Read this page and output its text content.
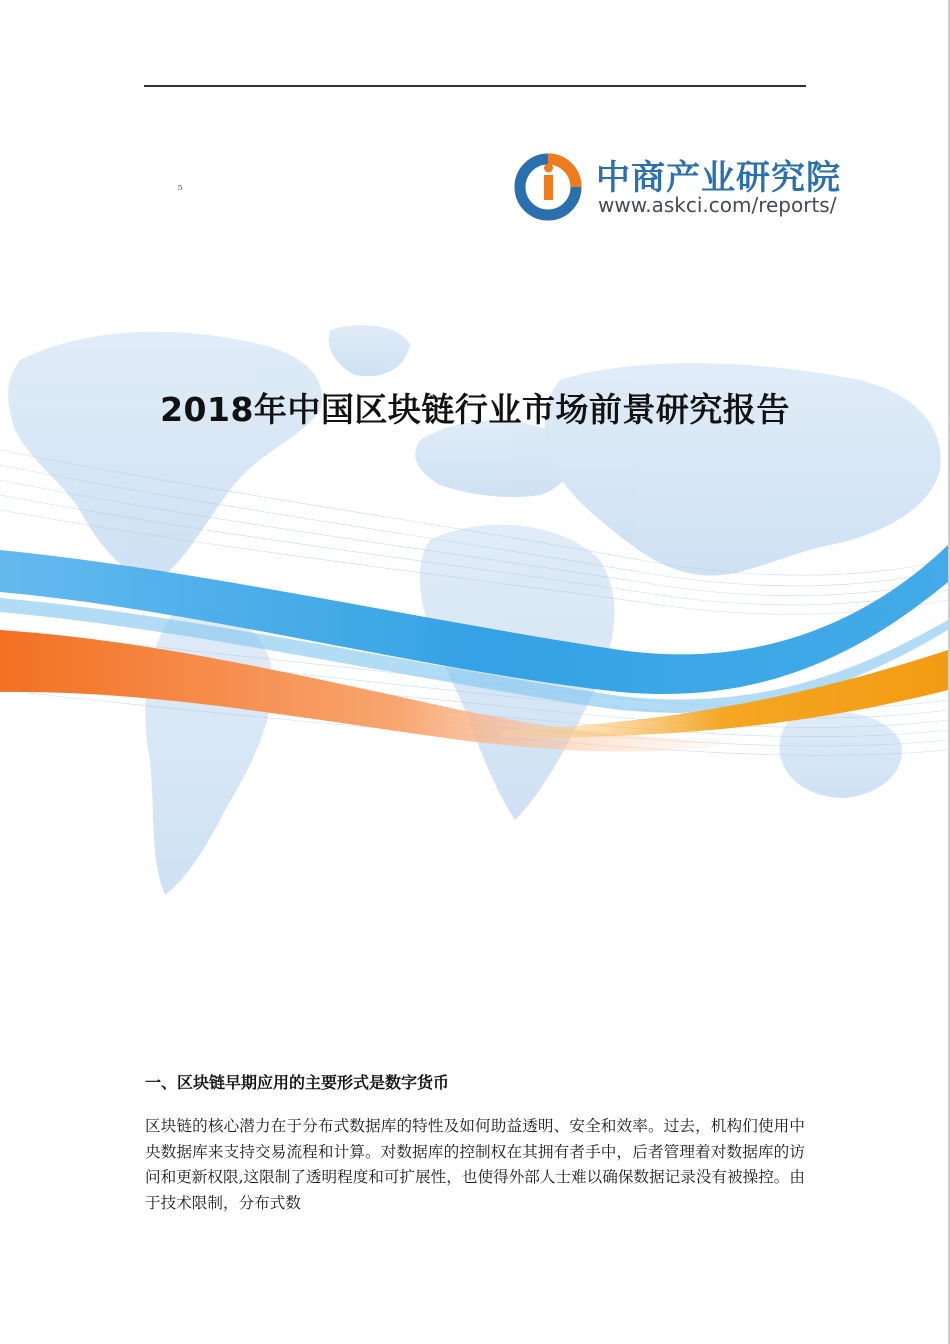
₅	中商产业研究院
www.askci.com/reports/
2018年中国区块链行业市场前景研究报告
一、区块链早期应用的主要形式是数字货币

区块链的核心潜力在于分布式数据库的特性及如何助益透明、安全和效率。过去，机构们使用中央数据库来支持交易流程和计算。对数据库的控制权在其拥有者手中，后者管理着对数据库的访问和更新权限,这限制了透明程度和可扩展性，也使得外部人士难以确保数据记录没有被操控。由于技术限制，分布式数
